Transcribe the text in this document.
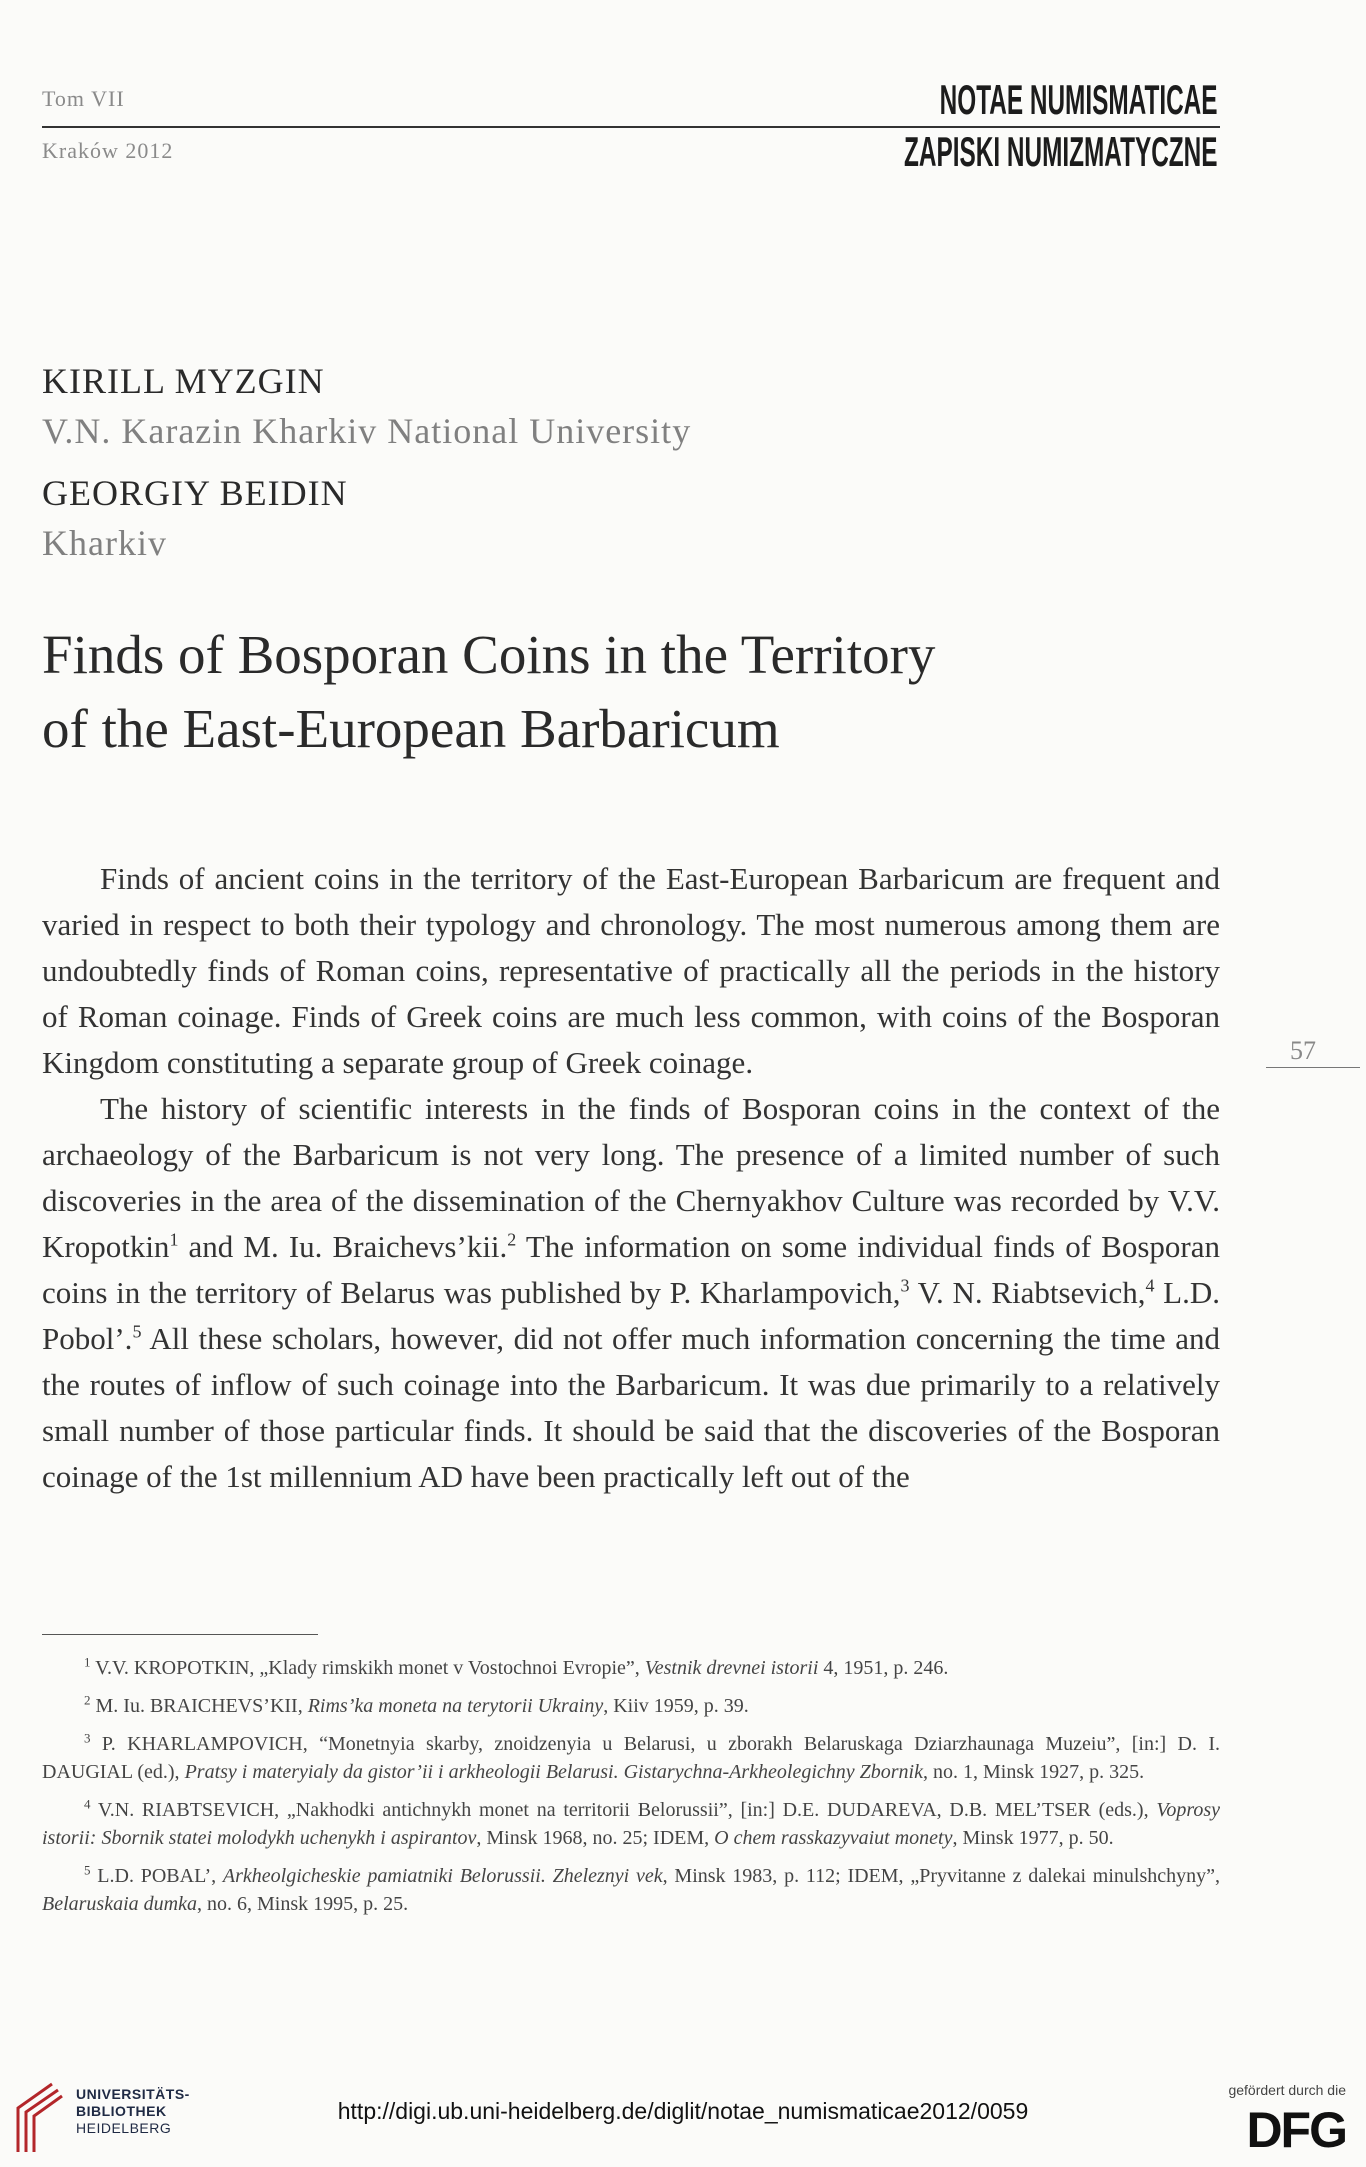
Tom VII
Kraków 2012
NOTAE NUMISMATICAE
ZAPISKI NUMIZMATYCZNE
KIRILL MYZGIN
V.N. Karazin Kharkiv National University
GEORGIY BEIDIN
Kharkiv
Finds of Bosporan Coins in the Territory
of the East-European Barbaricum

Finds of ancient coins in the territory of the East-European Barbaricum are frequent and varied in respect to both their typology and chronology. The most numerous among them are undoubtedly finds of Roman coins, representative of practically all the periods in the history of Roman coinage. Finds of Greek coins are much less common, with coins of the Bosporan Kingdom constituting a separate group of Greek coinage.

The history of scientific interests in the finds of Bosporan coins in the context of the archaeology of the Barbaricum is not very long. The presence of a limited number of such discoveries in the area of the dissemination of the Chernyakhov Culture was recorded by V.V. Kropotkin$^1$ and M. Iu. Braichevs’kii.$^2$ The information on some individual finds of Bosporan coins in the territory of Belarus was published by P. Kharlampovich,$^3$ V. N. Riabtsevich,$^4$ L.D. Pobol’.$^5$ All these scholars, however, did not offer much information concerning the time and the routes of inflow of such coinage into the Barbaricum. It was due primarily to a relatively small number of those particular finds. It should be said that the discoveries of the Bosporan coinage of the 1st millennium AD have been practically left out of the

57

$^1$ V.V. KROPOTKIN, „Klady rimskikh monet v Vostochnoi Evropie”, Vestnik drevnei istorii 4, 1951, p. 246.

$^2$ M. Iu. BRAICHEVS’KII, Rims’ka moneta na terytorii Ukrainy, Kiiv 1959, p. 39.

$^3$ P. KHARLAMPOVICH, “Monetnyia skarby, znoidzenyia u Belarusi, u zborakh Belaruskaga Dziarzhaunaga Muzeiu”, [in:] D. I. DAUGIAL (ed.), Pratsy i materyialy da gistor’ii i arkheologii Belarusi. Gistarychna-Arkheolegichny Zbornik, no. 1, Minsk 1927, p. 325.

$^4$ V.N. RIABTSEVICH, „Nakhodki antichnykh monet na territorii Belorussii”, [in:] D.E. DUDAREVA, D.B. MEL’TSER (eds.), Voprosy istorii: Sbornik statei molodykh uchenykh i aspirantov, Minsk 1968, no. 25; IDEM, O chem rasskazyvaiut monety, Minsk 1977, p. 50.

$^5$ L.D. POBAL’, Arkheolgicheskie pamiatniki Belorussii. Zheleznyi vek, Minsk 1983, p. 112; IDEM, „Pryvitanne z dalekai minulshchyny”, Belaruskaia dumka, no. 6, Minsk 1995, p. 25.

UNIVERSITÄTS-
BIBLIOTHEK
HEIDELBERG
http://digi.ub.uni-heidelberg.de/diglit/notae_numismaticae2012/0059
gefördert durch die
DFG
